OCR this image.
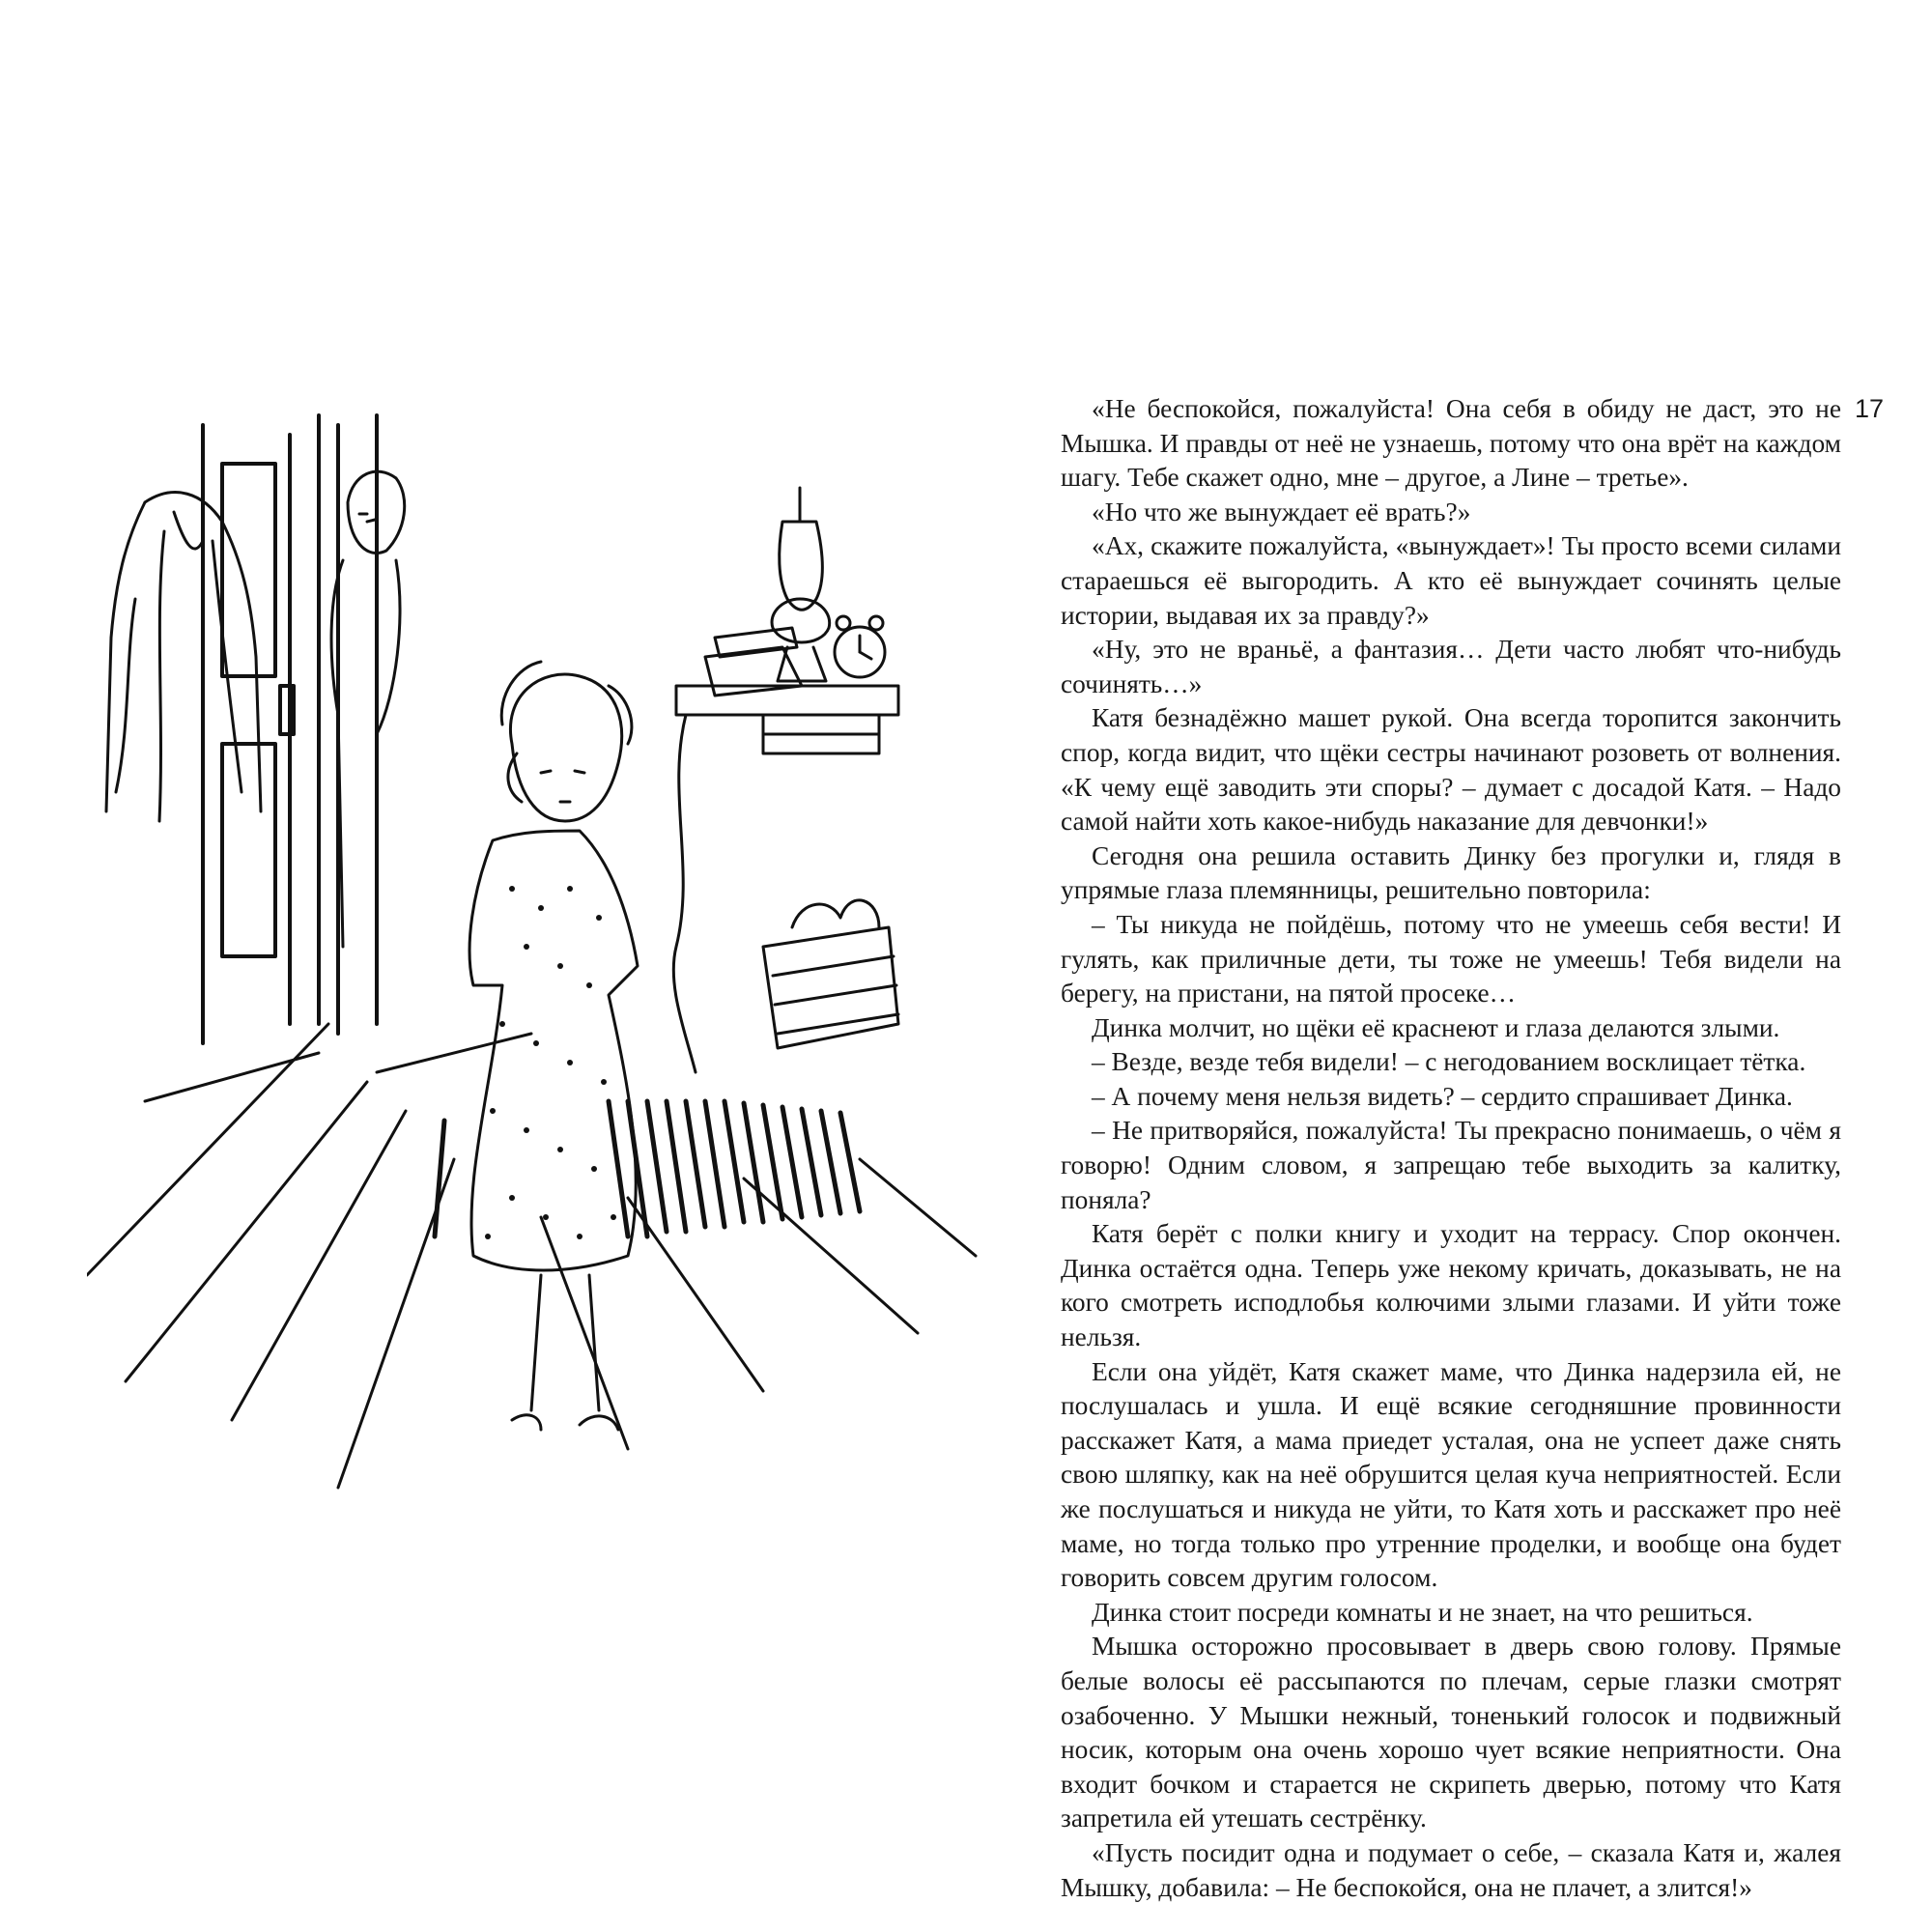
17

«Не беспокойся, пожалуйста! Она себя в обиду не даст, это не Мышка. И правды от неё не узнаешь, потому что она врёт на каждом шагу. Тебе скажет одно, мне – другое, а Лине – третье».

«Но что же вынуждает её врать?»

«Ах, скажите пожалуйста, «вынуждает»! Ты просто всеми силами стараешься её выгородить. А кто её вынуждает сочинять целые истории, выдавая их за правду?»

«Ну, это не враньё, а фантазия… Дети часто любят что-нибудь сочинять…»

Катя безнадёжно машет рукой. Она всегда торопится закончить спор, когда видит, что щёки сестры начинают розоветь от волнения. «К чему ещё заводить эти споры? – думает с досадой Катя. – Надо самой найти хоть какое-нибудь наказание для девчонки!»

Сегодня она решила оставить Динку без прогулки и, глядя в упрямые глаза племянницы, решительно повторила:

– Ты никуда не пойдёшь, потому что не умеешь себя вести! И гулять, как приличные дети, ты тоже не умеешь! Тебя видели на берегу, на пристани, на пятой просеке…

Динка молчит, но щёки её краснеют и глаза делаются злыми.

– Везде, везде тебя видели! – с негодованием восклицает тётка.

– А почему меня нельзя видеть? – сердито спрашивает Динка.

– Не притворяйся, пожалуйста! Ты прекрасно понимаешь, о чём я говорю! Одним словом, я запрещаю тебе выходить за калитку, поняла?

Катя берёт с полки книгу и уходит на террасу. Спор окончен. Динка остаётся одна. Теперь уже некому кричать, доказывать, не на кого смотреть исподлобья колючими злыми глазами. И уйти тоже нельзя.

Если она уйдёт, Катя скажет маме, что Динка надерзила ей, не послушалась и ушла. И ещё всякие сегодняшние провинности расскажет Катя, а мама приедет усталая, она не успеет даже снять свою шляпку, как на неё обрушится целая куча неприятностей. Если же послушаться и никуда не уйти, то Катя хоть и расскажет про неё маме, но тогда только про утренние проделки, и вообще она будет говорить совсем другим голосом.

Динка стоит посреди комнаты и не знает, на что решиться.

Мышка осторожно просовывает в дверь свою голову. Прямые белые волосы её рассыпаются по плечам, серые глазки смотрят озабоченно. У Мышки нежный, тоненький голосок и подвижный носик, которым она очень хорошо чует всякие неприятности. Она входит бочком и старается не скрипеть дверью, потому что Катя запретила ей утешать сестрёнку.

«Пусть посидит одна и подумает о себе, – сказала Катя и, жалея Мышку, добавила: – Не беспокойся, она не плачет, а злится!»
